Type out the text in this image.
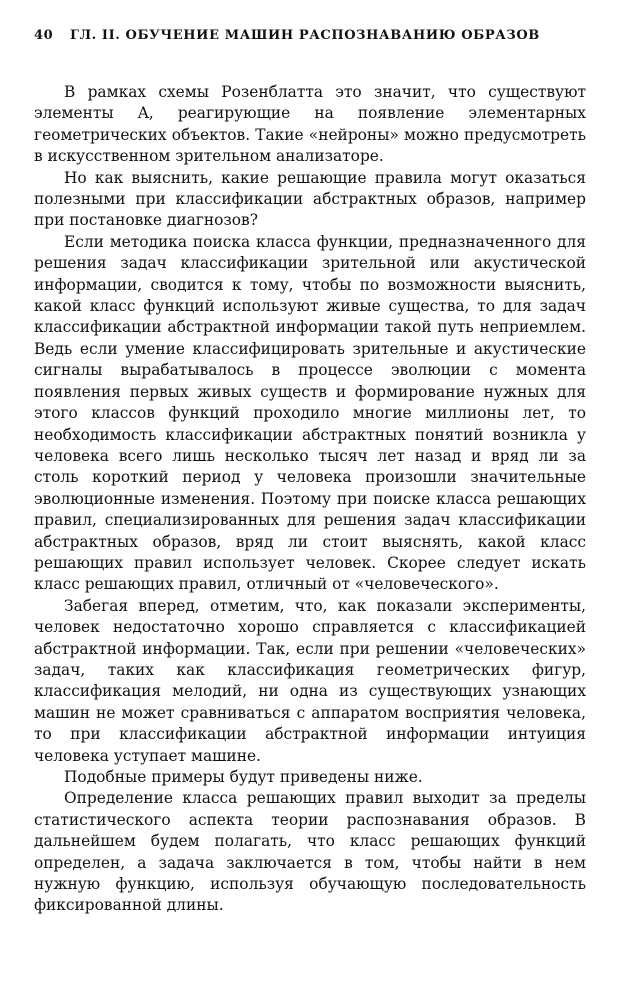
40	ГЛ. II. ОБУЧЕНИЕ МАШИН РАСПОЗНАВАНИЮ ОБРАЗОВ

В рамках схемы Розенблатта это значит, что существуют элементы A, реагирующие на появление элементарных геометрических объектов. Такие «нейроны» можно предусмотреть в искусственном зрительном анализаторе.

Но как выяснить, какие решающие правила могут оказаться полезными при классификации абстрактных образов, например при постановке диагнозов?

Если методика поиска класса функции, предназначенного для решения задач классификации зрительной или акустической информации, сводится к тому, чтобы по возможности выяснить, какой класс функций используют живые существа, то для задач классификации абстрактной информации такой путь неприемлем. Ведь если умение классифицировать зрительные и акустические сигналы вырабатывалось в процессе эволюции с момента появления первых живых существ и формирование нужных для этого классов функций проходило многие миллионы лет, то необходимость классификации абстрактных понятий возникла у человека всего лишь несколько тысяч лет назад и вряд ли за столь короткий период у человека произошли значительные эволюционные изменения. Поэтому при поиске класса решающих правил, специализированных для решения задач классификации абстрактных образов, вряд ли стоит выяснять, какой класс решающих правил использует человек. Скорее следует искать класс решающих правил, отличный от «человеческого».

Забегая вперед, отметим, что, как показали эксперименты, человек недостаточно хорошо справляется с классификацией абстрактной информации. Так, если при решении «человеческих» задач, таких как классификация геометрических фигур, классификация мелодий, ни одна из существующих узнающих машин не может сравниваться с аппаратом восприятия человека, то при классификации абстрактной информации интуиция человека уступает машине.

Подобные примеры будут приведены ниже.

Определение класса решающих правил выходит за пределы статистического аспекта теории распознавания образов. В дальнейшем будем полагать, что класс решающих функций определен, а задача заключается в том, чтобы найти в нем нужную функцию, используя обучающую последовательность фиксированной длины.
